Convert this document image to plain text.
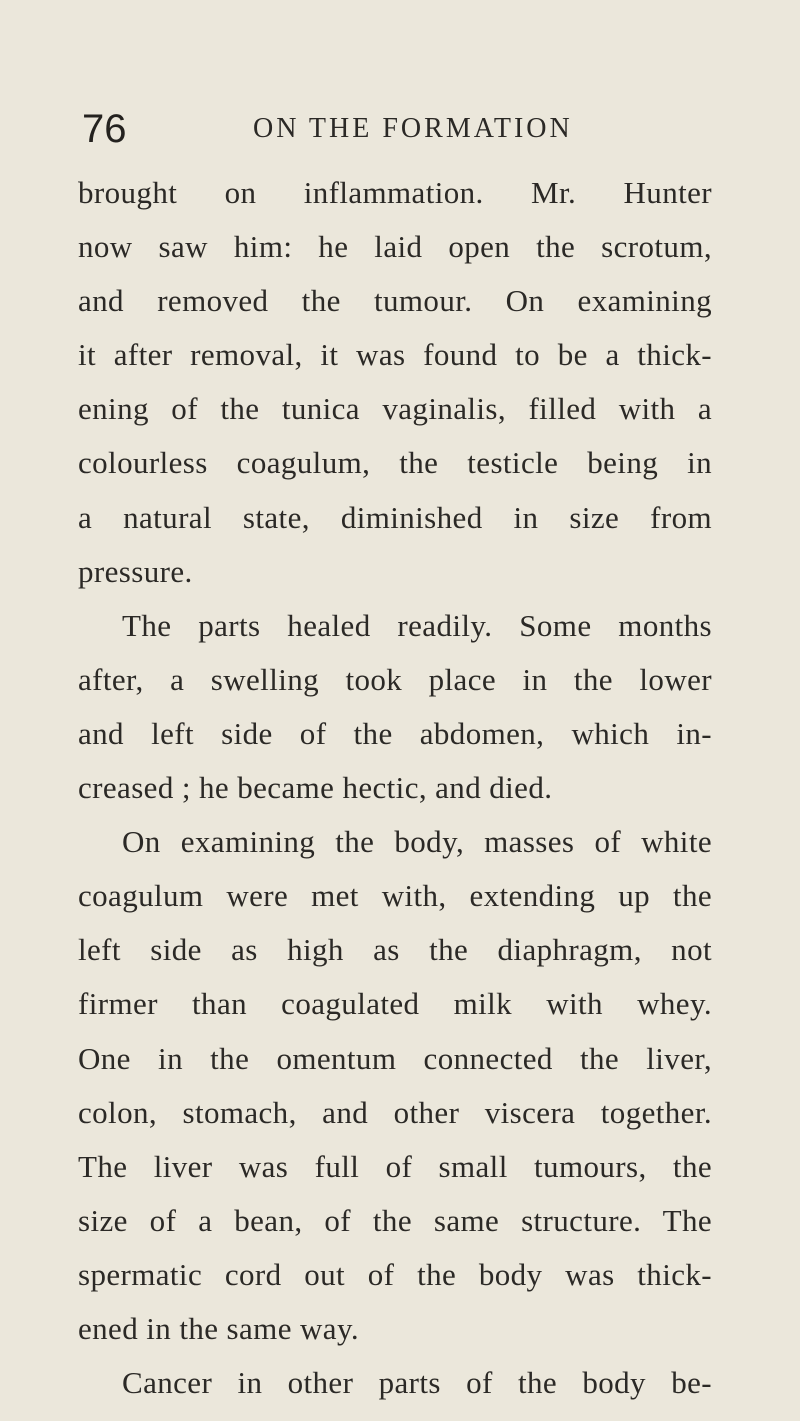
76	ON THE FORMATION
brought on inflammation. Mr. Hunter
now saw him: he laid open the scrotum,
and removed the tumour. On examining
it after removal, it was found to be a thick-
ening of the tunica vaginalis, filled with a
colourless coagulum, the testicle being in
a natural state, diminished in size from
pressure.
The parts healed readily. Some months
after, a swelling took place in the lower
and left side of the abdomen, which in-
creased ; he became hectic, and died.
On examining the body, masses of white
coagulum were met with, extending up the
left side as high as the diaphragm, not
firmer than coagulated milk with whey.
One in the omentum connected the liver,
colon, stomach, and other viscera together.
The liver was full of small tumours, the
size of a bean, of the same structure. The
spermatic cord out of the body was thick-
ened in the same way.
Cancer in other parts of the body be-
